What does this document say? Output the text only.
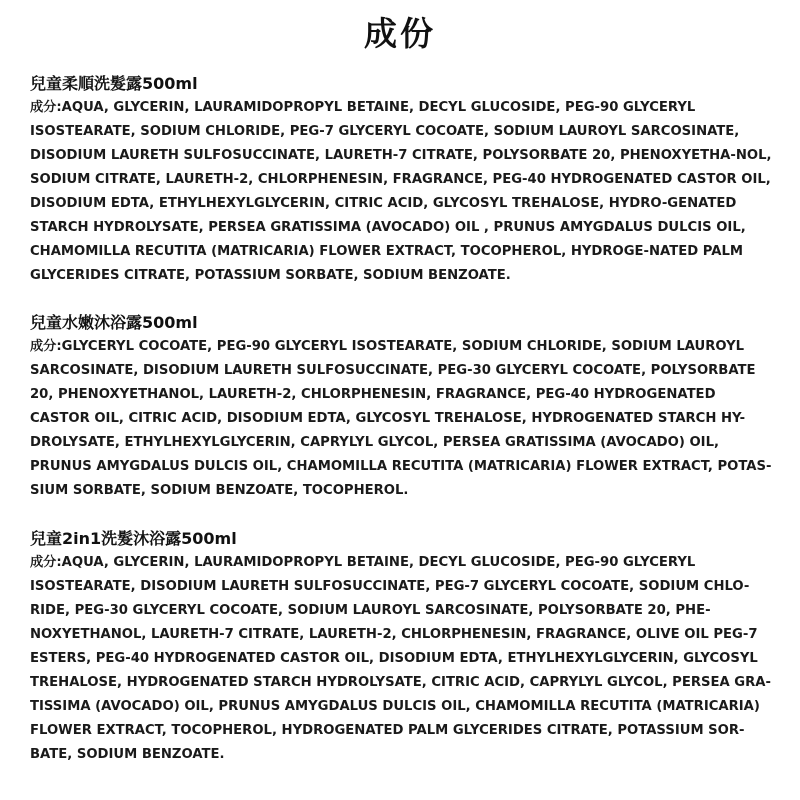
成份
兒童柔順洗髮露500ml

成分:AQUA, GLYCERIN, LAURAMIDOPROPYL BETAINE, DECYL GLUCOSIDE, PEG-90 GLYCERYL ISOSTEARATE, SODIUM CHLORIDE, PEG-7 GLYCERYL COCOATE, SODIUM LAUROYL SARCOSINATE, DISODIUM LAURETH SULFOSUCCINATE, LAURETH-7 CITRATE, POLYSORBATE 20, PHENOXYETHA-NOL, SODIUM CITRATE, LAURETH-2, CHLORPHENESIN, FRAGRANCE, PEG-40 HYDROGENATED CASTOR OIL, DISODIUM EDTA, ETHYLHEXYLGLYCERIN, CITRIC ACID, GLYCOSYL TREHALOSE, HYDRO-GENATED STARCH HYDROLYSATE, PERSEA GRATISSIMA (AVOCADO) OIL , PRUNUS AMYGDALUS DULCIS OIL, CHAMOMILLA RECUTITA (MATRICARIA) FLOWER EXTRACT, TOCOPHEROL, HYDROGE-NATED PALM GLYCERIDES CITRATE, POTASSIUM SORBATE, SODIUM BENZOATE.

兒童水嫩沐浴露500ml

成分:GLYCERYL COCOATE, PEG-90 GLYCERYL ISOSTEARATE, SODIUM CHLORIDE, SODIUM LAUROYL SARCOSINATE, DISODIUM LAURETH SULFOSUCCINATE, PEG-30 GLYCERYL COCOATE, POLYSORBATE 20, PHENOXYETHANOL, LAURETH-2, CHLORPHENESIN, FRAGRANCE, PEG-40 HYDROGENATED CASTOR OIL, CITRIC ACID, DISODIUM EDTA, GLYCOSYL TREHALOSE, HYDROGENATED STARCH HY-DROLYSATE, ETHYLHEXYLGLYCERIN, CAPRYLYL GLYCOL, PERSEA GRATISSIMA (AVOCADO) OIL, PRUNUS AMYGDALUS DULCIS OIL, CHAMOMILLA RECUTITA (MATRICARIA) FLOWER EXTRACT, POTAS-SIUM SORBATE, SODIUM BENZOATE, TOCOPHEROL.

兒童2in1洗髮沐浴露500ml

成分:AQUA, GLYCERIN, LAURAMIDOPROPYL BETAINE, DECYL GLUCOSIDE, PEG-90 GLYCERYL ISOSTEARATE, DISODIUM LAURETH SULFOSUCCINATE, PEG-7 GLYCERYL COCOATE, SODIUM CHLO-RIDE, PEG-30 GLYCERYL COCOATE, SODIUM LAUROYL SARCOSINATE, POLYSORBATE 20, PHE-NOXYETHANOL, LAURETH-7 CITRATE, LAURETH-2, CHLORPHENESIN, FRAGRANCE, OLIVE OIL PEG-7 ESTERS, PEG-40 HYDROGENATED CASTOR OIL, DISODIUM EDTA, ETHYLHEXYLGLYCERIN, GLYCOSYL TREHALOSE, HYDROGENATED STARCH HYDROLYSATE, CITRIC ACID, CAPRYLYL GLYCOL, PERSEA GRA-TISSIMA (AVOCADO) OIL, PRUNUS AMYGDALUS DULCIS OIL, CHAMOMILLA RECUTITA (MATRICARIA) FLOWER EXTRACT, TOCOPHEROL, HYDROGENATED PALM GLYCERIDES CITRATE, POTASSIUM SOR-BATE, SODIUM BENZOATE.
